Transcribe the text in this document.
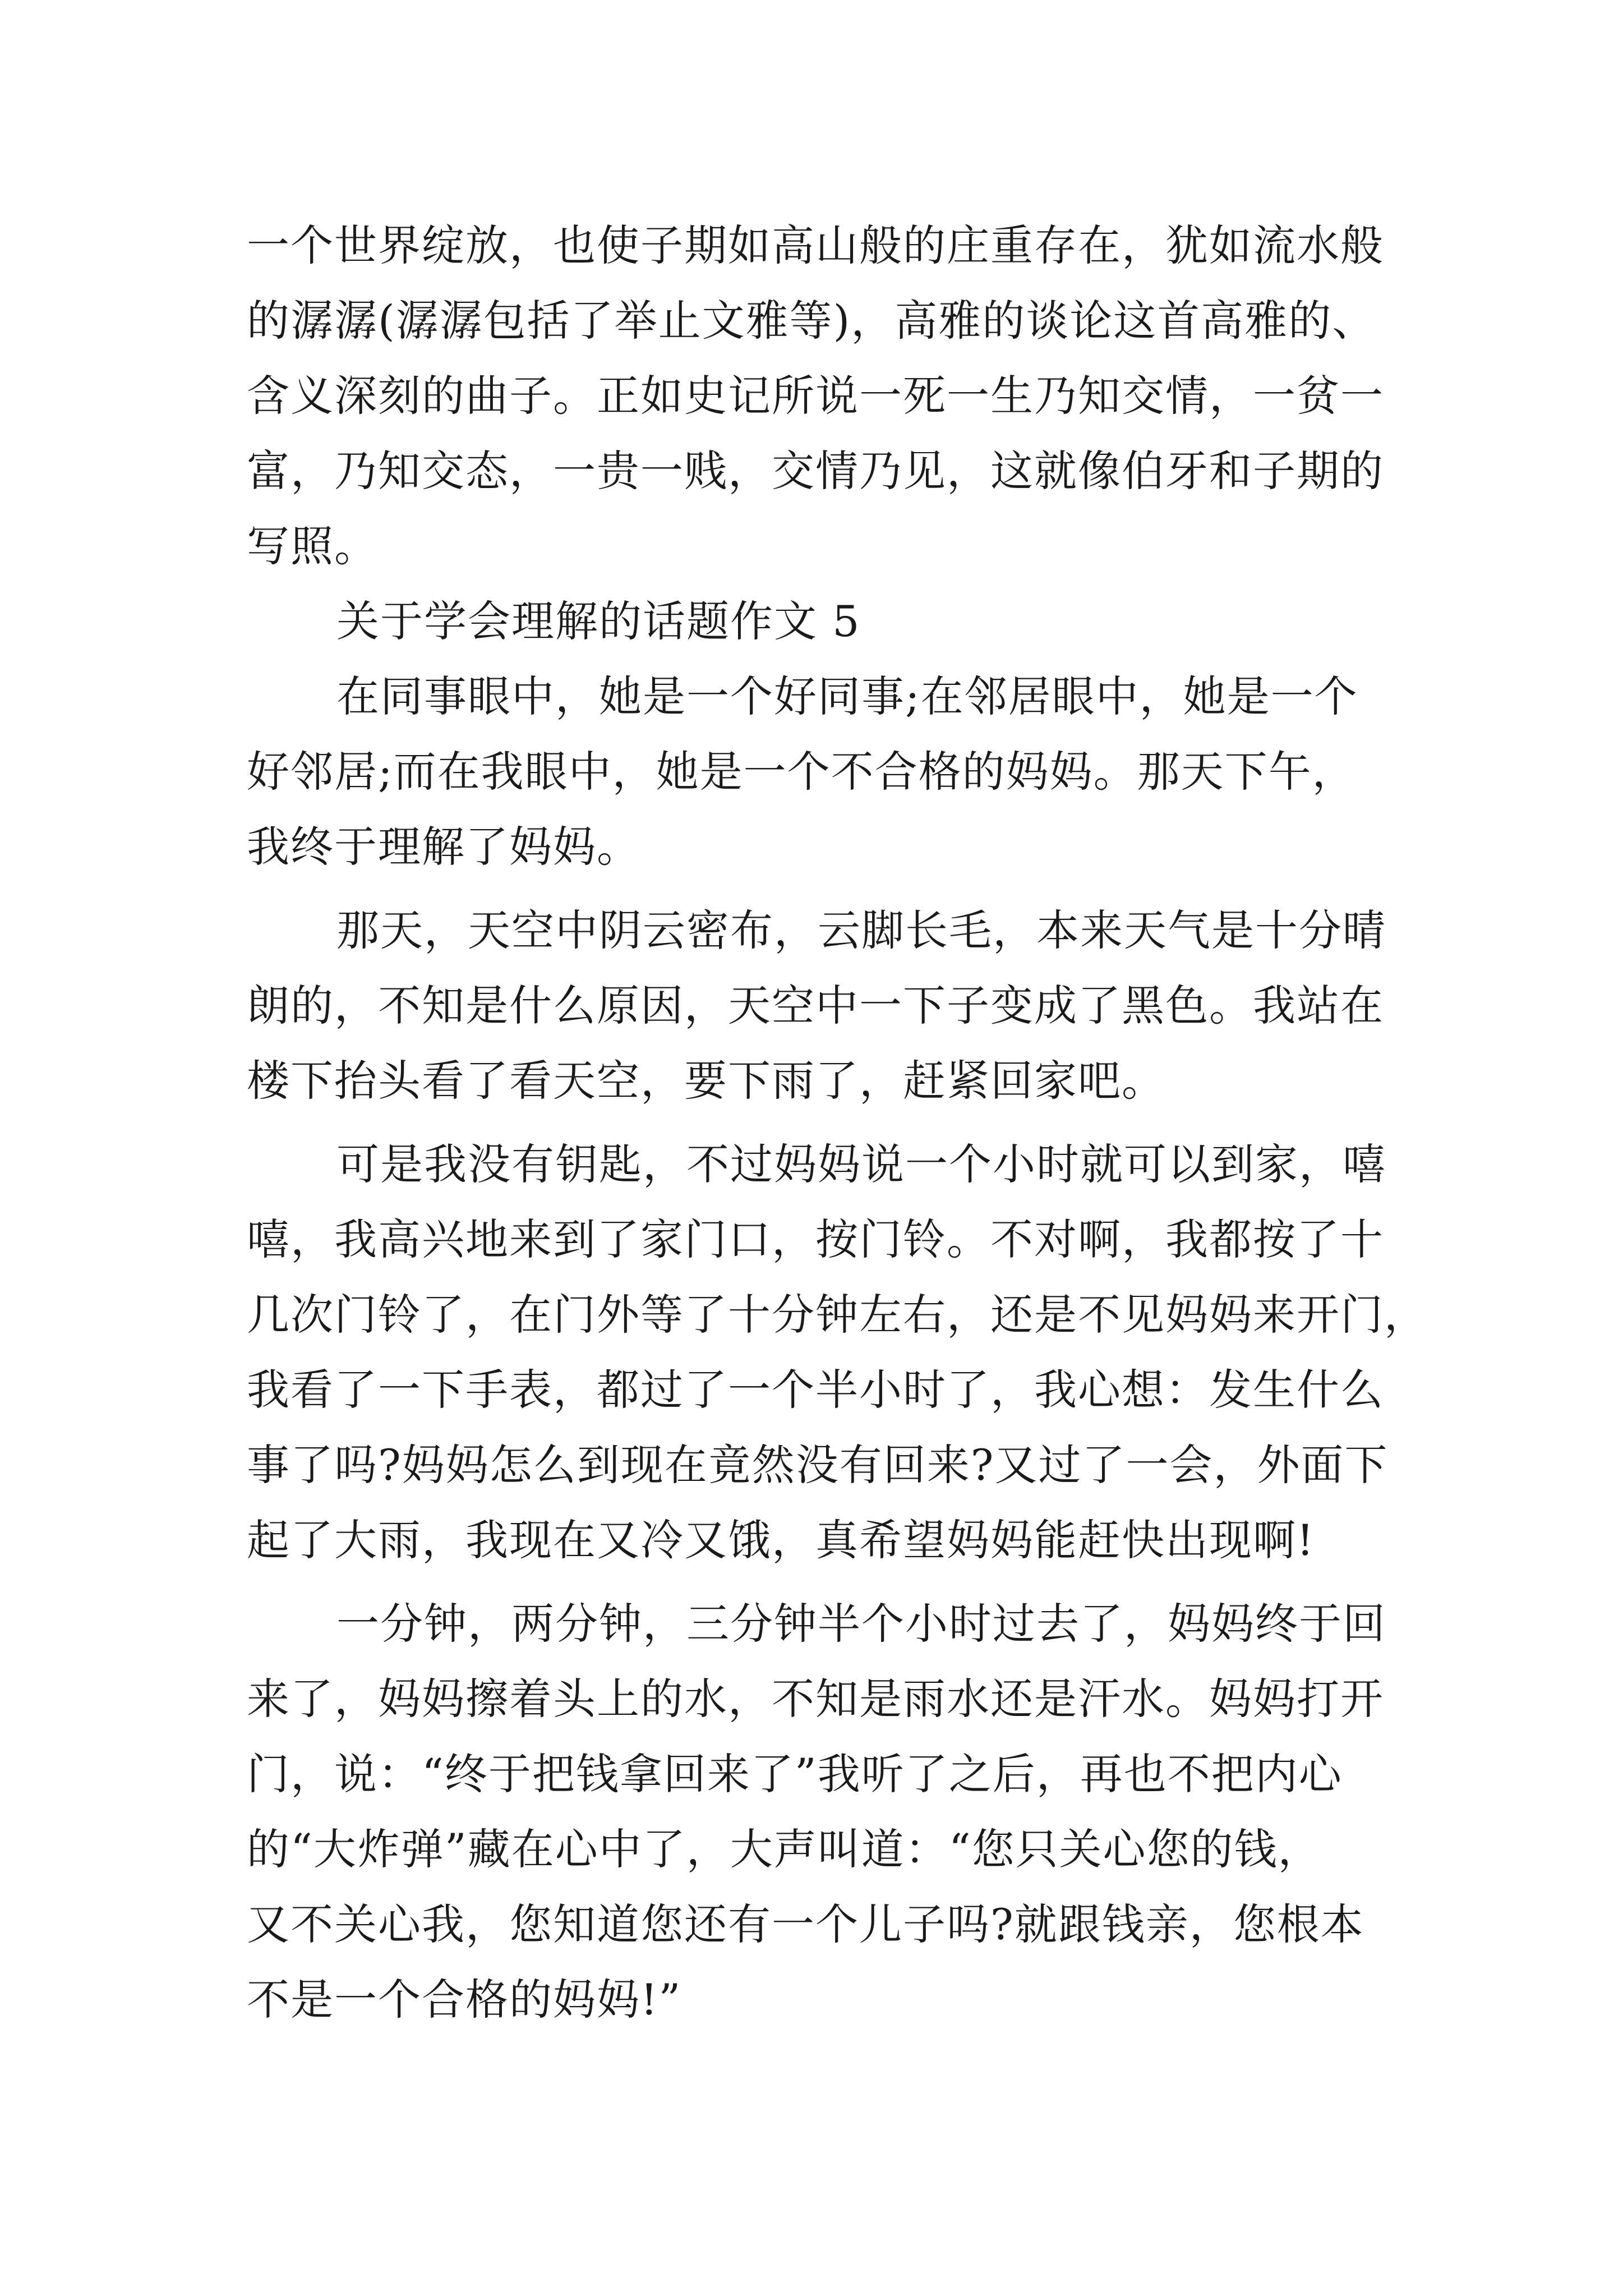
一个世界绽放，也使子期如高山般的庄重存在，犹如流水般
的潺潺(潺潺包括了举止文雅等)，高雅的谈论这首高雅的、
含义深刻的曲子。正如史记所说一死一生乃知交情，一贫一
富，乃知交态，一贵一贱，交情乃见，这就像伯牙和子期的
写照。
关于学会理解的话题作文 5
在同事眼中，她是一个好同事;在邻居眼中，她是一个
好邻居;而在我眼中，她是一个不合格的妈妈。那天下午，
我终于理解了妈妈。
那天，天空中阴云密布，云脚长毛，本来天气是十分晴
朗的，不知是什么原因，天空中一下子变成了黑色。我站在
楼下抬头看了看天空，要下雨了，赶紧回家吧。
可是我没有钥匙，不过妈妈说一个小时就可以到家，嘻
嘻，我高兴地来到了家门口，按门铃。不对啊，我都按了十
几次门铃了，在门外等了十分钟左右，还是不见妈妈来开门，
我看了一下手表，都过了一个半小时了，我心想：发生什么
事了吗?妈妈怎么到现在竟然没有回来?又过了一会，外面下
起了大雨，我现在又冷又饿，真希望妈妈能赶快出现啊!
一分钟，两分钟，三分钟半个小时过去了，妈妈终于回
来了，妈妈擦着头上的水，不知是雨水还是汗水。妈妈打开
门，说：“终于把钱拿回来了”我听了之后，再也不把内心
的“大炸弹”藏在心中了，大声叫道：“您只关心您的钱，
又不关心我，您知道您还有一个儿子吗?就跟钱亲，您根本
不是一个合格的妈妈!”
